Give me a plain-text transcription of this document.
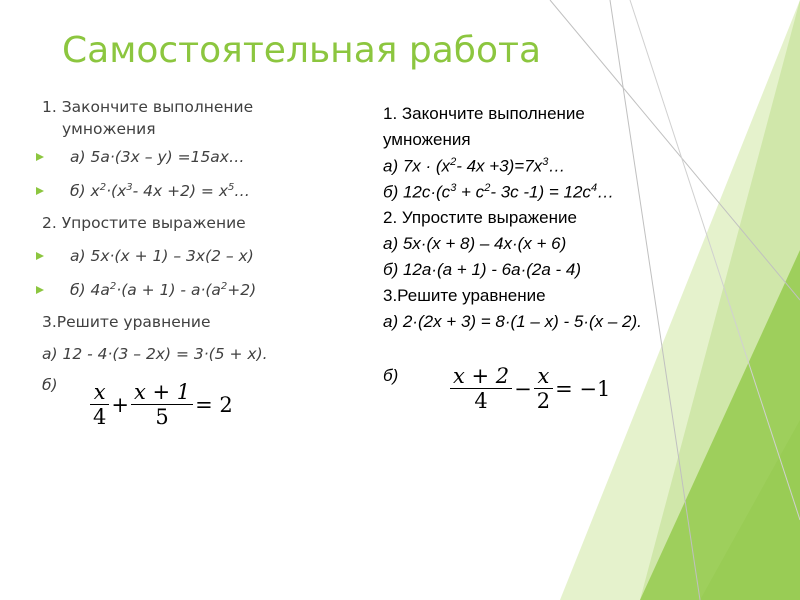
Самостоятельная работа
1. Закончите выполнение
умножения
а) 5а·(3х – у) =15ах…
б) $х^2\cdot(х^3-$ $4х +2) = х^5\dots$
2. Упростите выражение
а) 5х·(х + 1) – 3х(2 – х)
б) $4а^2\cdot(а + 1) - а\cdot(а^2+2)$
3.Решите уравнение
а) 12 - 4·(3 – 2х) = 3·(5 + х).
$б) \frac{x}{4} + \frac{x + 1}{5} = 2$
1. Закончите выполнение
умножения
а) $7х \cdot (х^2-$ $4х +3)=7х^3\dots$
б) $12с\cdot(с^3 + с^2-$ 3с $-1) = 12с^4\dots$
2. Упростите выражение
а) 5х·(х + 8) – 4х·(х + 6)
б) 12а·(а + 1) - 6а·(2а - 4)
3.Решите уравнение
а) 2·(2х + 3) = 8·(1 – х) - 5·(х – 2).
$б) \frac{x + 2}{4} - \frac{x}{2} = -1$
